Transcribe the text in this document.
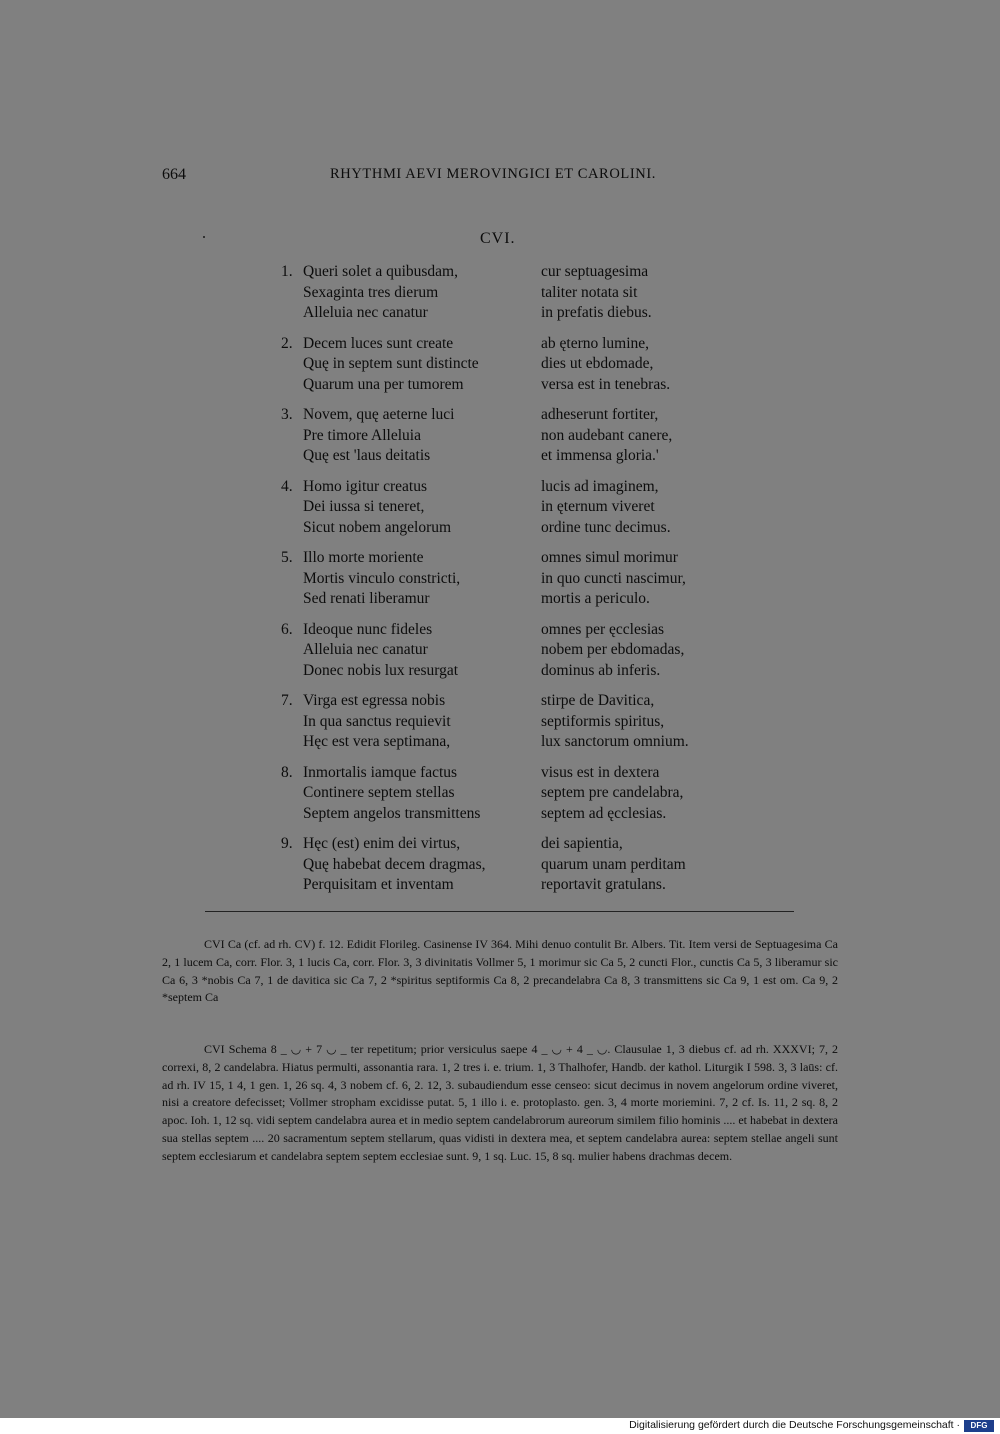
664	RHYTHMI AEVI MEROVINGICI ET CAROLINI.
CVI.
1. Queri solet a quibusdam,	cur septuagesima
Sexaginta tres dierum	taliter notata sit
Alleluia nec canatur	in prefatis diebus.
2. Decem luces sunt create	ab ęterno lumine,
Quę in septem sunt distincte	dies ut ebdomade,
Quarum una per tumorem	versa est in tenebras.
3. Novem, quę aeterne luci	adheserunt fortiter,
Pre timore Alleluia	non audebant canere,
Quę est 'laus deitatis	et immensa gloria.'
4. Homo igitur creatus	lucis ad imaginem,
Dei iussa si teneret,	in ęternum viveret
Sicut nobem angelorum	ordine tunc decimus.
5. Illo morte moriente	omnes simul morimur
Mortis vinculo constricti,	in quo cuncti nascimur,
Sed renati liberamur	mortis a periculo.
6. Ideoque nunc fideles	omnes per ęcclesias
Alleluia nec canatur	nobem per ebdomadas,
Donec nobis lux resurgat	dominus ab inferis.
7. Virga est egressa nobis	stirpe de Davitica,
In qua sanctus requievit	septiformis spiritus,
Hęc est vera septimana,	lux sanctorum omnium.
8. Inmortalis iamque factus	visus est in dextera
Continere septem stellas	septem pre candelabra,
Septem angelos transmittens	septem ad ęcclesias.
9. Hęc (est) enim dei virtus,	dei sapientia,
Quę habebat decem dragmas,	quarum unam perditam
Perquisitam et inventam	reportavit gratulans.

CVI Ca (cf. ad rh. CV) f. 12. Edidit Florileg. Casinense IV 364. Mihi denuo contulit Br. Albers. Tit. Item versi de Septuagesima Ca 2, 1 lucem Ca, corr. Flor. 3, 1 lucis Ca, corr. Flor. 3, 3 divinitatis Vollmer 5, 1 morimur sic Ca 5, 2 cuncti Flor., cunctis Ca 5, 3 liberamur sic Ca 6, 3 *nobis Ca 7, 1 de davitica sic Ca 7, 2 *spiritus septiformis Ca 8, 2 precandelabra Ca 8, 3 transmittens sic Ca 9, 1 est om. Ca 9, 2 *septem Ca

CVI Schema 8 _ ◡ + 7 ◡ _ ter repetitum; prior versiculus saepe 4 _ ◡ + 4 _ ◡. Clausulae 1, 3 diebus cf. ad rh. XXXVI; 7, 2 correxi, 8, 2 candelabra. Hiatus permulti, assonantia rara. 1, 2 tres i. e. trium. 1, 3 Thalhofer, Handb. der kathol. Liturgik I 598. 3, 3 laūs: cf. ad rh. IV 15, 1 4, 1 gen. 1, 26 sq. 4, 3 nobem cf. 6, 2. 12, 3. subaudiendum esse censeo: sicut decimus in novem angelorum ordine viveret, nisi a creatore defecisset; Vollmer stropham excidisse putat. 5, 1 illo i. e. protoplasto. gen. 3, 4 morte moriemini. 7, 2 cf. Is. 11, 2 sq. 8, 2 apoc. Ioh. 1, 12 sq. vidi septem candelabra aurea et in medio septem candelabrorum aureorum similem filio hominis .... et habebat in dextera sua stellas septem .... 20 sacramentum septem stellarum, quas vidisti in dextera mea, et septem candelabra aurea: septem stellae angeli sunt septem ecclesiarum et candelabra septem septem ecclesiae sunt. 9, 1 sq. Luc. 15, 8 sq. mulier habens drachmas decem.

Digitalisierung gefördert durch die Deutsche Forschungsgemeinschaft ·	DFG
